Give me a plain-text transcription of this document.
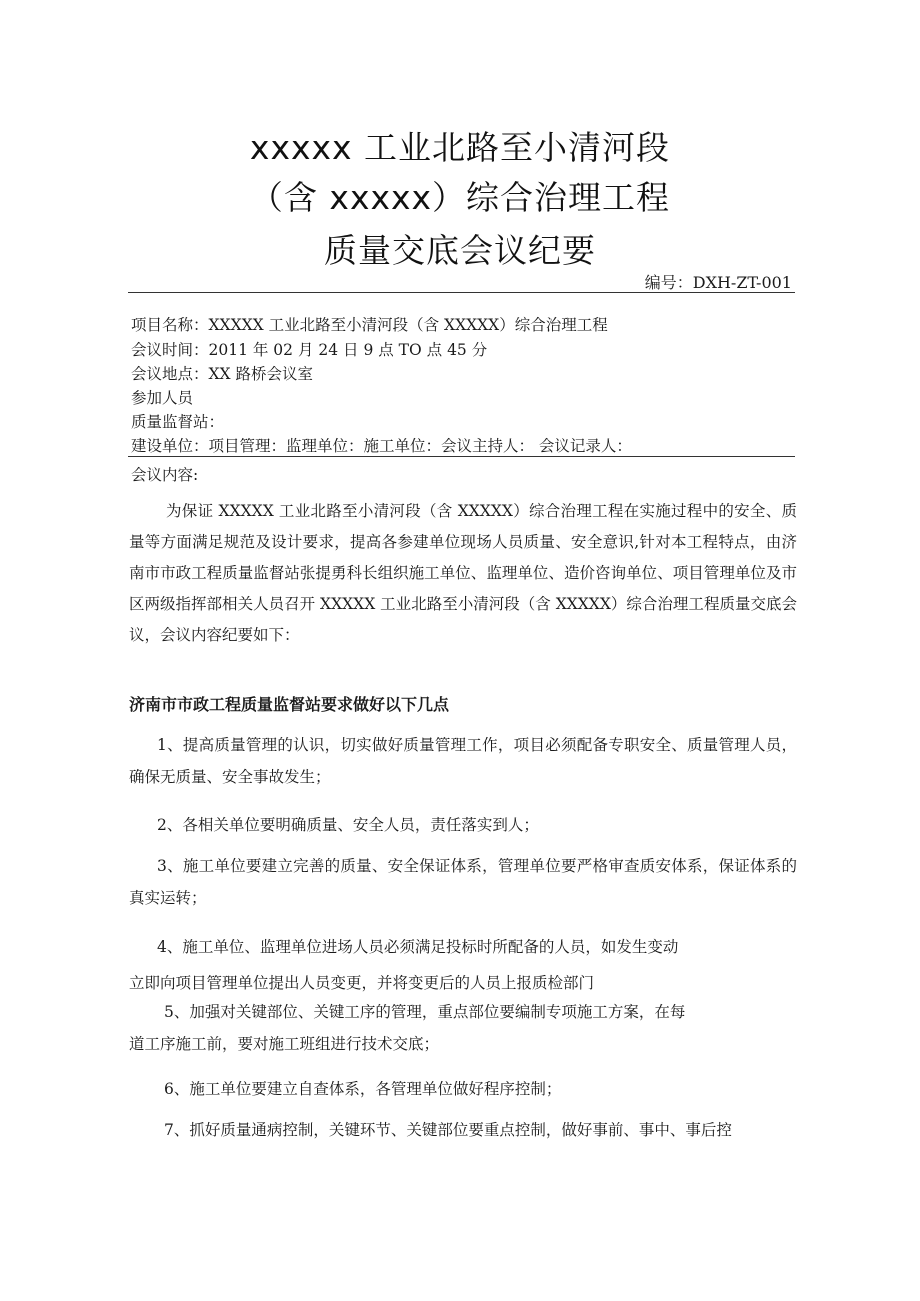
xxxxx 工业北路至小清河段
（含 xxxxx）综合治理工程
质量交底会议纪要
编号：DXH-ZT-001
项目名称：XXXXX 工业北路至小清河段（含 XXXXX）综合治理工程
会议时间：2011 年 02 月 24 日 9 点 TO 点 45 分
会议地点：XX 路桥会议室
参加人员
质量监督站：
建设单位：项目管理：监理单位：施工单位：会议主持人： 会议记录人：
会议内容:
为保证 XXXXX 工业北路至小清河段（含 XXXXX）综合治理工程在实施过程中的安全、质量等方面满足规范及设计要求，提高各参建单位现场人员质量、安全意识,针对本工程特点，由济南市市政工程质量监督站张提勇科长组织施工单位、监理单位、造价咨询单位、项目管理单位及市区两级指挥部相关人员召开 XXXXX 工业北路至小清河段（含 XXXXX）综合治理工程质量交底会议，会议内容纪要如下：
济南市市政工程质量监督站要求做好以下几点
1、提高质量管理的认识，切实做好质量管理工作，项目必须配备专职安全、质量管理人员，确保无质量、安全事故发生；
2、各相关单位要明确质量、安全人员，责任落实到人；
3、施工单位要建立完善的质量、安全保证体系，管理单位要严格审查质安体系，保证体系的真实运转；
4、施工单位、监理单位进场人员必须满足投标时所配备的人员，如发生变动
立即向项目管理单位提出人员变更，并将变更后的人员上报质检部门
5、加强对关键部位、关键工序的管理，重点部位要编制专项施工方案，在每
道工序施工前，要对施工班组进行技术交底；
6、施工单位要建立自查体系，各管理单位做好程序控制；
7、抓好质量通病控制，关键环节、关键部位要重点控制，做好事前、事中、事后控
